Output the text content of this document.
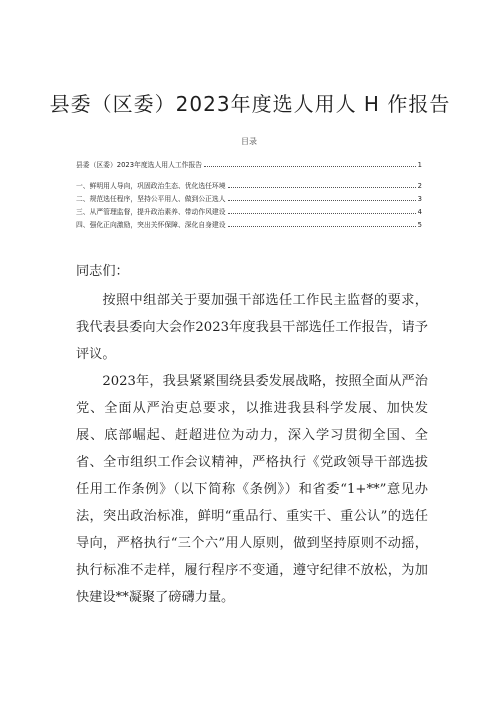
县委（区委）2023年度选人用人 H 作报告
目录
县委（区委）2023年度选人用人工作报告	1
一、鲜明用人导向，巩固政治生态、优化选任环境	2
二、规范选任程序，坚持公平用人、做到公正选人	3
三、从严管理监督，提升政治素养、带动作风建设	4
四、强化正向激励，突出关怀保障、深化自身建设	5

同志们：

按照中组部关于要加强干部选任工作民主监督的要求，我代表县委向大会作2023年度我县干部选任工作报告，请予评议。

2023年，我县紧紧围绕县委发展战略，按照全面从严治党、全面从严治吏总要求，以推进我县科学发展、加快发展、底部崛起、赶超进位为动力，深入学习贯彻全国、全省、全市组织工作会议精神，严格执行《党政领导干部选拔任用工作条例》（以下简称《条例》）和省委“1+**”意见办法，突出政治标准，鲜明“重品行、重实干、重公认”的选任导向，严格执行“三个六”用人原则，做到坚持原则不动摇，执行标准不走样，履行程序不变通，遵守纪律不放松，为加快建设**凝聚了磅礴力量。
